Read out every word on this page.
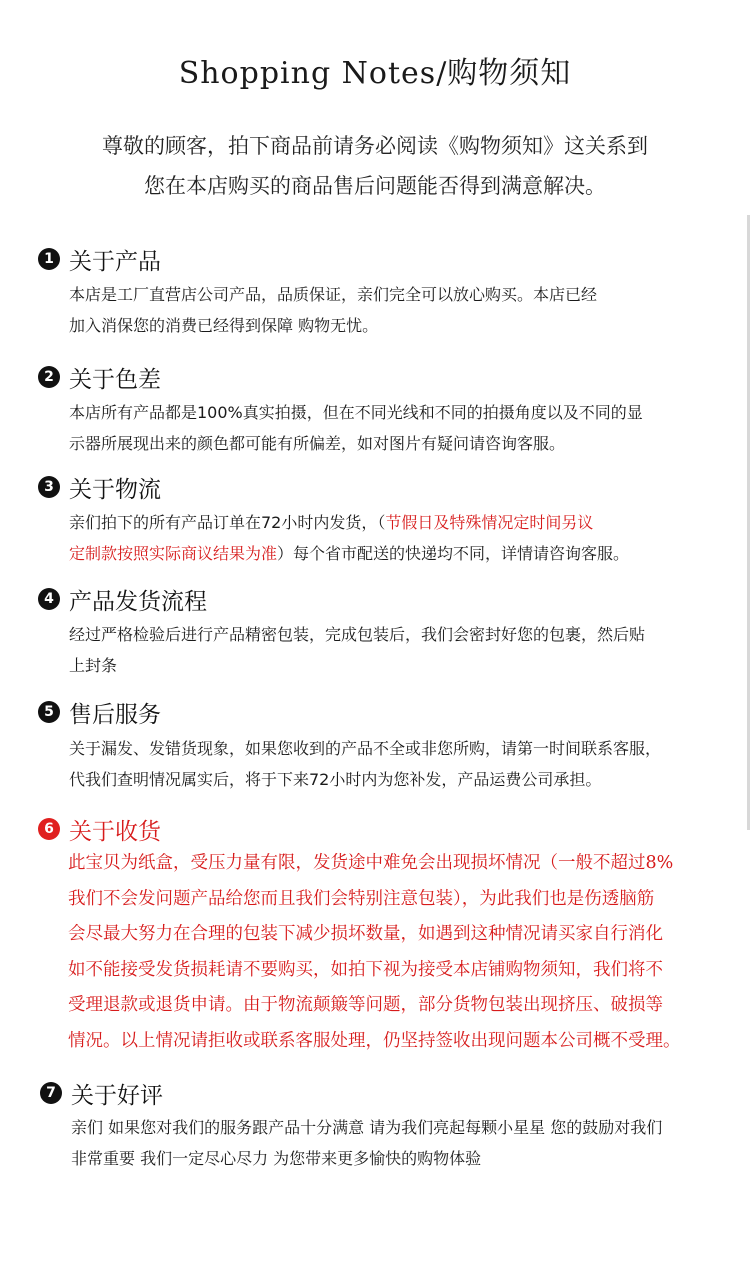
Shopping Notes/购物须知
尊敬的顾客，拍下商品前请务必阅读《购物须知》这关系到
您在本店购买的商品售后问题能否得到满意解决。
1 关于产品
本店是工厂直营店公司产品，品质保证，亲们完全可以放心购买。本店已经
加入消保您的消费已经得到保障 购物无忧。
2 关于色差
本店所有产品都是100%真实拍摄，但在不同光线和不同的拍摄角度以及不同的显
示器所展现出来的颜色都可能有所偏差，如对图片有疑问请咨询客服。
3 关于物流
亲们拍下的所有产品订单在72小时内发货，（节假日及特殊情况定时间另议
定制款按照实际商议结果为准）每个省市配送的快递均不同，详情请咨询客服。
4 产品发货流程
经过严格检验后进行产品精密包装，完成包装后，我们会密封好您的包裹，然后贴
上封条
5 售后服务
关于漏发、发错货现象，如果您收到的产品不全或非您所购，请第一时间联系客服，
代我们查明情况属实后，将于下来72小时内为您补发，产品运费公司承担。
6 关于收货
此宝贝为纸盒，受压力量有限，发货途中难免会出现损坏情况（一般不超过8%
我们不会发问题产品给您而且我们会特别注意包装），为此我们也是伤透脑筋
会尽最大努力在合理的包装下减少损坏数量，如遇到这种情况请买家自行消化
如不能接受发货损耗请不要购买，如拍下视为接受本店铺购物须知，我们将不
受理退款或退货申请。由于物流颠簸等问题，部分货物包装出现挤压、破损等
情况。以上情况请拒收或联系客服处理，仍坚持签收出现问题本公司概不受理。
7 关于好评
亲们 如果您对我们的服务跟产品十分满意 请为我们亮起每颗小星星 您的鼓励对我们
非常重要 我们一定尽心尽力 为您带来更多愉快的购物体验
